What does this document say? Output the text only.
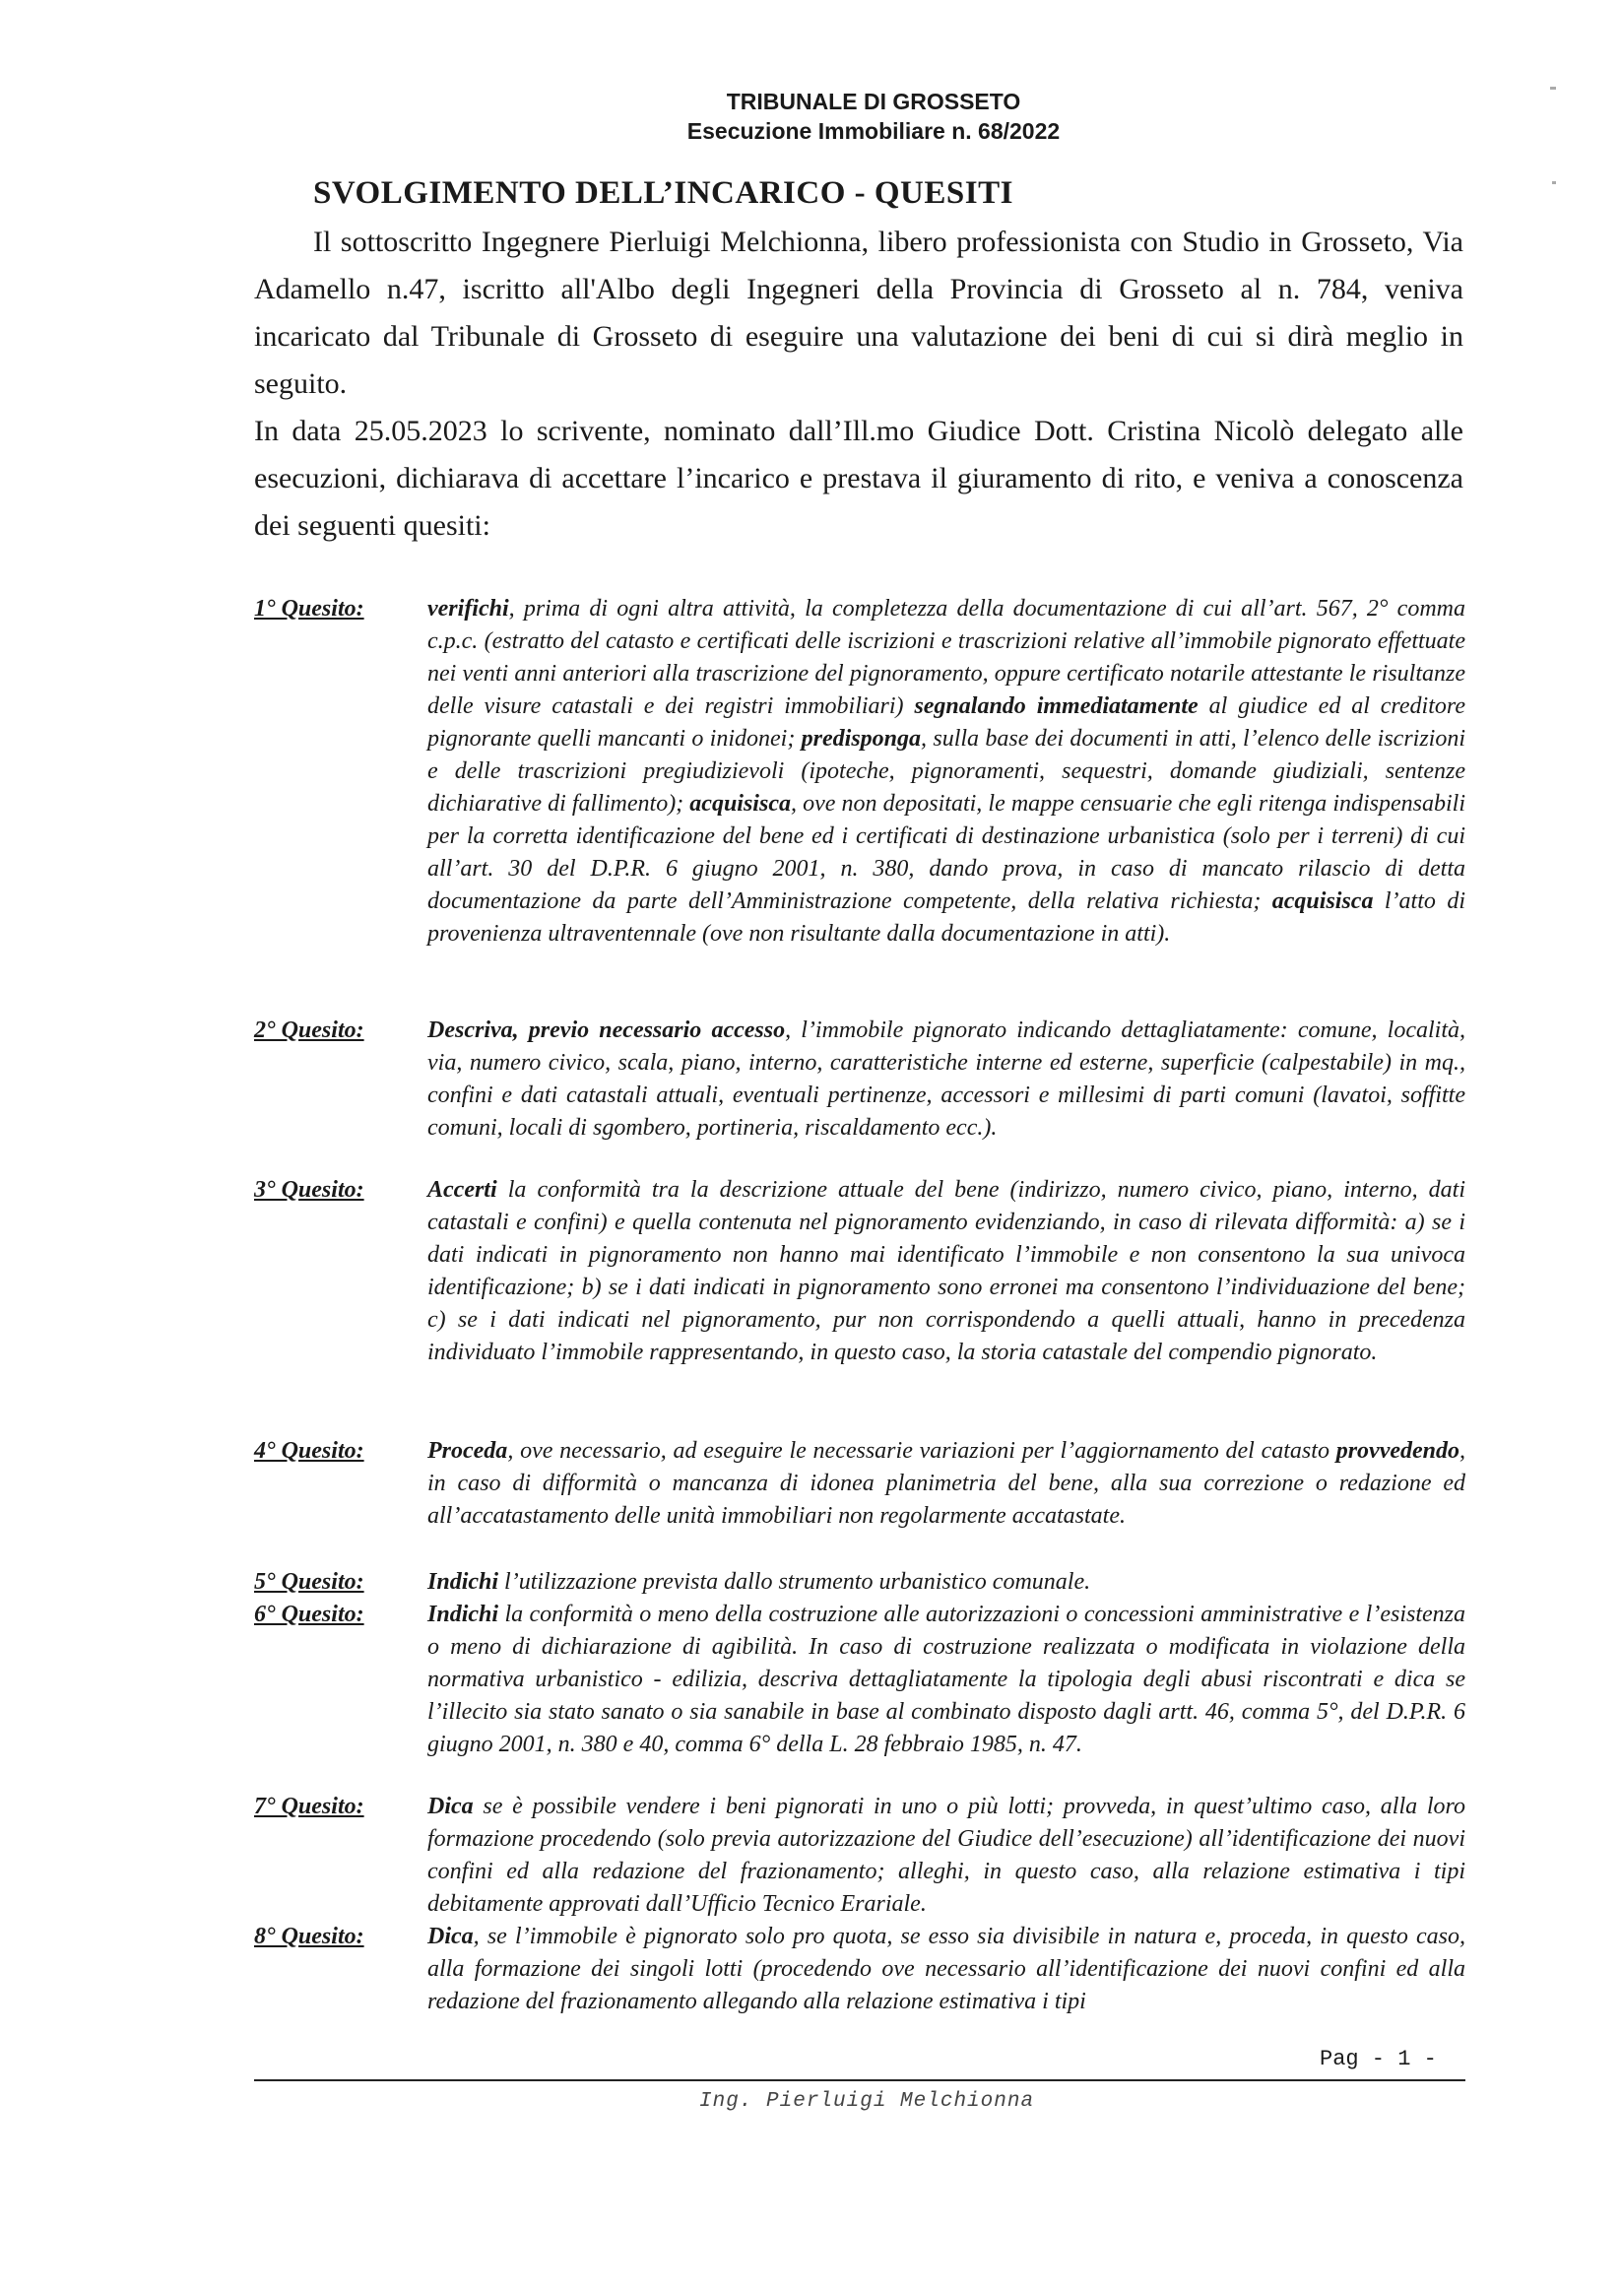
TRIBUNALE DI GROSSETO
Esecuzione Immobiliare n. 68/2022
SVOLGIMENTO DELL’INCARICO - QUESITI

Il sottoscritto Ingegnere Pierluigi Melchionna, libero professionista con Studio in Grosseto, Via Adamello n.47, iscritto all'Albo degli Ingegneri della Provincia di Grosseto al n. 784, veniva incaricato dal Tribunale di Grosseto di eseguire una valutazione dei beni di cui si dirà meglio in seguito.

In data 25.05.2023 lo scrivente, nominato dall’Ill.mo Giudice Dott. Cristina Nicolò delegato alle esecuzioni, dichiarava di accettare l’incarico e prestava il giuramento di rito, e veniva a conoscenza dei seguenti quesiti:

1° Quesito:	verifichi, prima di ogni altra attività, la completezza della documentazione di cui all’art. 567, 2° comma c.p.c. (estratto del catasto e certificati delle iscrizioni e trascrizioni relative all’immobile pignorato effettuate nei venti anni anteriori alla trascrizione del pignoramento, oppure certificato notarile attestante le risultanze delle visure catastali e dei registri immobiliari) segnalando immediatamente al giudice ed al creditore pignorante quelli mancanti o inidonei; predisponga, sulla base dei documenti in atti, l’elenco delle iscrizioni e delle trascrizioni pregiudizievoli (ipoteche, pignoramenti, sequestri, domande giudiziali, sentenze dichiarative di fallimento); acquisisca, ove non depositati, le mappe censuarie che egli ritenga indispensabili per la corretta identificazione del bene ed i certificati di destinazione urbanistica (solo per i terreni) di cui all’art. 30 del D.P.R. 6 giugno 2001, n. 380, dando prova, in caso di mancato rilascio di detta documentazione da parte dell’Amministrazione competente, della relativa richiesta; acquisisca l’atto di provenienza ultraventennale (ove non risultante dalla documentazione in atti).
2° Quesito:	Descriva, previo necessario accesso, l’immobile pignorato indicando dettagliatamente: comune, località, via, numero civico, scala, piano, interno, caratteristiche interne ed esterne, superficie (calpestabile) in mq., confini e dati catastali attuali, eventuali pertinenze, accessori e millesimi di parti comuni (lavatoi, soffitte comuni, locali di sgombero, portineria, riscaldamento ecc.).
3° Quesito:	Accerti la conformità tra la descrizione attuale del bene (indirizzo, numero civico, piano, interno, dati catastali e confini) e quella contenuta nel pignoramento evidenziando, in caso di rilevata difformità: a) se i dati indicati in pignoramento non hanno mai identificato l’immobile e non consentono la sua univoca identificazione; b) se i dati indicati in pignoramento sono erronei ma consentono l’individuazione del bene; c) se i dati indicati nel pignoramento, pur non corrispondendo a quelli attuali, hanno in precedenza individuato l’immobile rappresentando, in questo caso, la storia catastale del compendio pignorato.
4° Quesito:	Proceda, ove necessario, ad eseguire le necessarie variazioni per l’aggiornamento del catasto provvedendo, in caso di difformità o mancanza di idonea planimetria del bene, alla sua correzione o redazione ed all’accatastamento delle unità immobiliari non regolarmente accatastate.
5° Quesito:	Indichi l’utilizzazione prevista dallo strumento urbanistico comunale.
6° Quesito:	Indichi la conformità o meno della costruzione alle autorizzazioni o concessioni amministrative e l’esistenza o meno di dichiarazione di agibilità. In caso di costruzione realizzata o modificata in violazione della normativa urbanistico - edilizia, descriva dettagliatamente la tipologia degli abusi riscontrati e dica se l’illecito sia stato sanato o sia sanabile in base al combinato disposto dagli artt. 46, comma 5°, del D.P.R. 6 giugno 2001, n. 380 e 40, comma 6° della L. 28 febbraio 1985, n. 47.
7° Quesito:	Dica se è possibile vendere i beni pignorati in uno o più lotti; provveda, in quest’ultimo caso, alla loro formazione procedendo (solo previa autorizzazione del Giudice dell’esecuzione) all’identificazione dei nuovi confini ed alla redazione del frazionamento; alleghi, in questo caso, alla relazione estimativa i tipi debitamente approvati dall’Ufficio Tecnico Erariale.
8° Quesito:	Dica, se l’immobile è pignorato solo pro quota, se esso sia divisibile in natura e, proceda, in questo caso, alla formazione dei singoli lotti (procedendo ove necessario all’identificazione dei nuovi confini ed alla redazione del frazionamento allegando alla relazione estimativa i tipi
Pag - 1 -
Ing. Pierluigi Melchionna
